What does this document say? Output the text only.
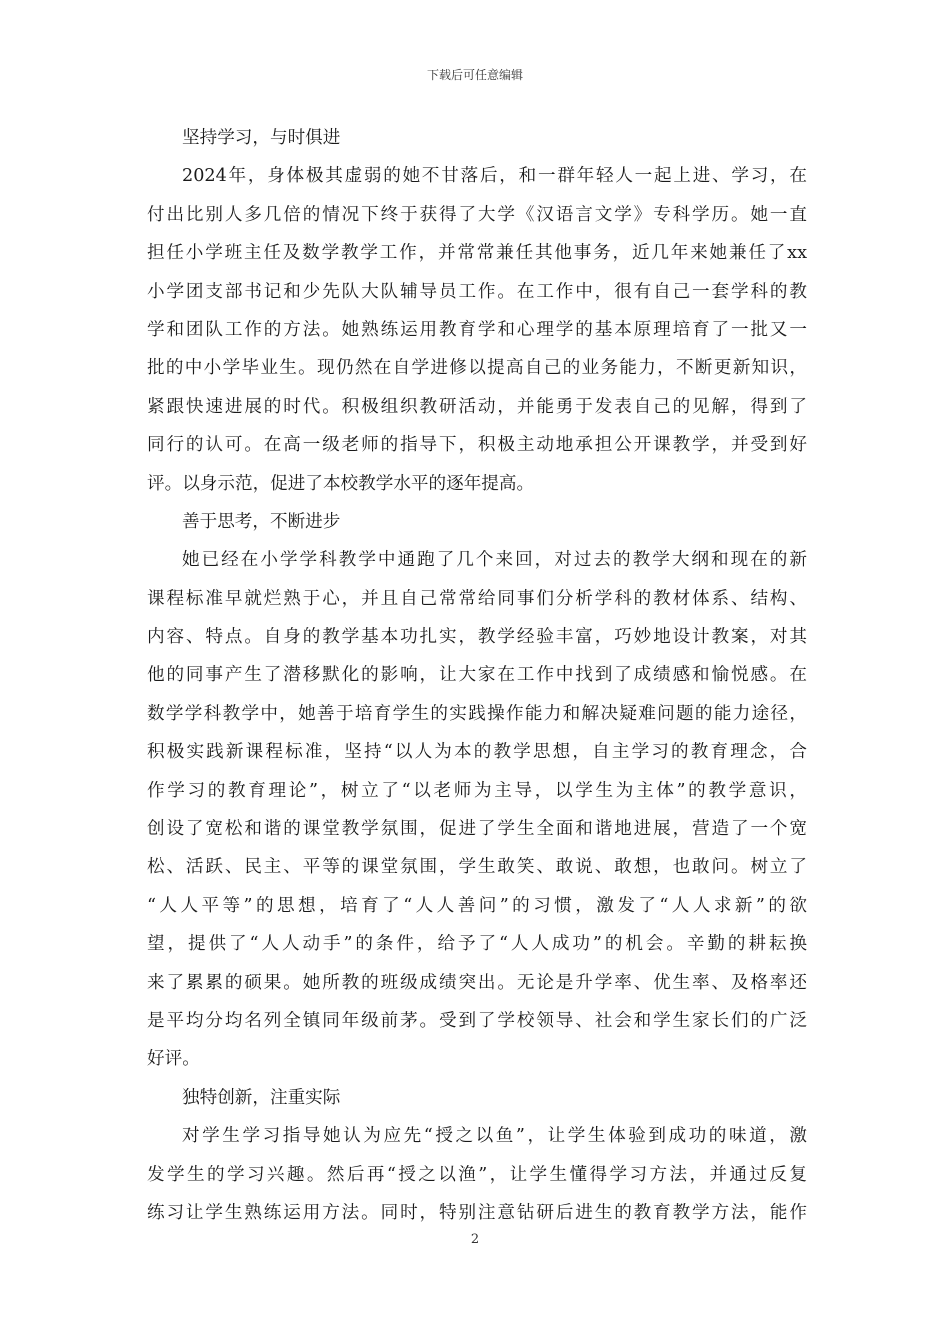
下载后可任意编辑
坚持学习，与时俱进
2024年，身体极其虚弱的她不甘落后，和一群年轻人一起上进、学习，在
付出比别人多几倍的情况下终于获得了大学《汉语言文学》专科学历。她一直
担任小学班主任及数学教学工作，并常常兼任其他事务，近几年来她兼任了xx
小学团支部书记和少先队大队辅导员工作。在工作中，很有自己一套学科的教
学和团队工作的方法。她熟练运用教育学和心理学的基本原理培育了一批又一
批的中小学毕业生。现仍然在自学进修以提高自己的业务能力，不断更新知识，
紧跟快速进展的时代。积极组织教研活动，并能勇于发表自己的见解，得到了
同行的认可。在高一级老师的指导下，积极主动地承担公开课教学，并受到好
评。以身示范，促进了本校教学水平的逐年提高。
善于思考，不断进步
她已经在小学学科教学中通跑了几个来回，对过去的教学大纲和现在的新
课程标准早就烂熟于心，并且自己常常给同事们分析学科的教材体系、结构、
内容、特点。自身的教学基本功扎实，教学经验丰富，巧妙地设计教案，对其
他的同事产生了潜移默化的影响，让大家在工作中找到了成绩感和愉悦感。在
数学学科教学中，她善于培育学生的实践操作能力和解决疑难问题的能力途径，
积极实践新课程标准，坚持“以人为本的教学思想，自主学习的教育理念，合
作学习的教育理论”，树立了“以老师为主导，以学生为主体”的教学意识，
创设了宽松和谐的课堂教学氛围，促进了学生全面和谐地进展，营造了一个宽
松、活跃、民主、平等的课堂氛围，学生敢笑、敢说、敢想，也敢问。树立了
“人人平等”的思想，培育了“人人善问”的习惯，激发了“人人求新”的欲
望，提供了“人人动手”的条件，给予了“人人成功”的机会。辛勤的耕耘换
来了累累的硕果。她所教的班级成绩突出。无论是升学率、优生率、及格率还
是平均分均名列全镇同年级前茅。受到了学校领导、社会和学生家长们的广泛
好评。
独特创新，注重实际
对学生学习指导她认为应先“授之以鱼”，让学生体验到成功的味道，激
发学生的学习兴趣。然后再“授之以渔”，让学生懂得学习方法，并通过反复
练习让学生熟练运用方法。同时，特别注意钻研后进生的教育教学方法，能作
2
